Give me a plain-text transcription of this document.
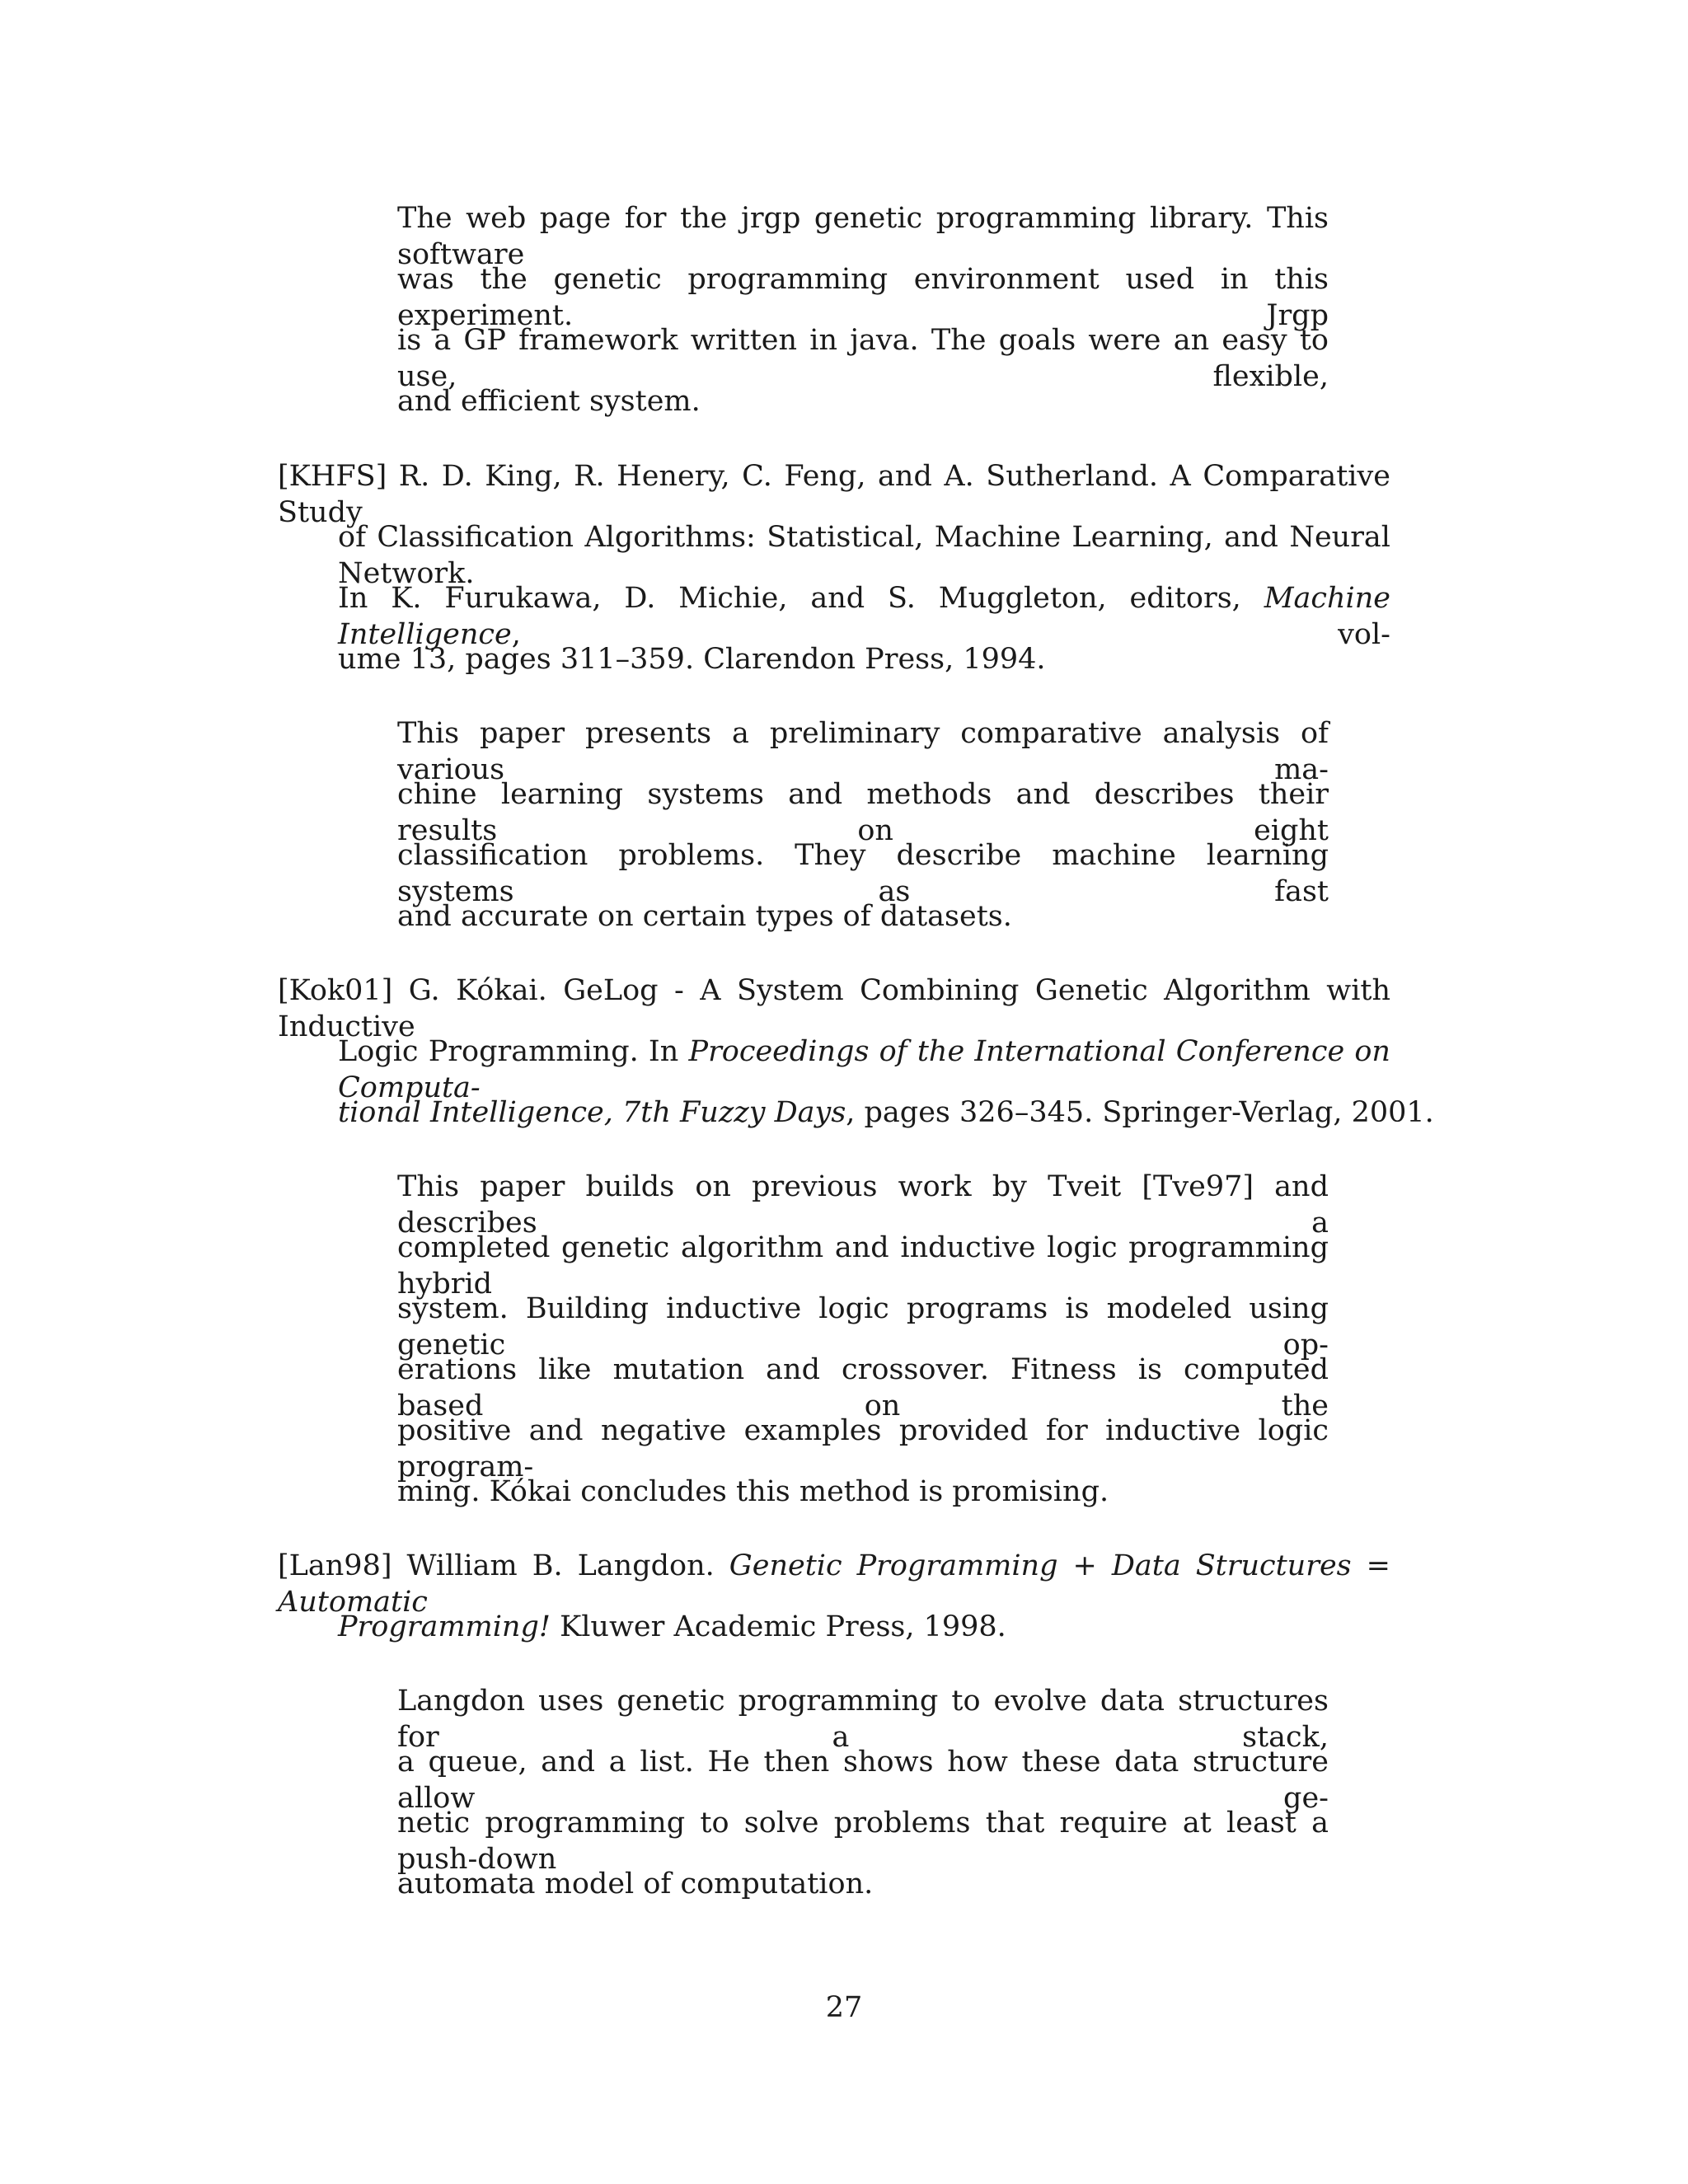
The web page for the jrgp genetic programming library. This software
was the genetic programming environment used in this experiment. Jrgp
is a GP framework written in java. The goals were an easy to use, flexible,
and efficient system.
[KHFS] R. D. King, R. Henery, C. Feng, and A. Sutherland. A Comparative Study
of Classification Algorithms: Statistical, Machine Learning, and Neural Network.
In K. Furukawa, D. Michie, and S. Muggleton, editors, Machine Intelligence, vol-
ume 13, pages 311–359. Clarendon Press, 1994.
This paper presents a preliminary comparative analysis of various ma-
chine learning systems and methods and describes their results on eight
classification problems. They describe machine learning systems as fast
and accurate on certain types of datasets.
[Kok01] G. Kókai. GeLog - A System Combining Genetic Algorithm with Inductive
Logic Programming. In Proceedings of the International Conference on Computa-
tional Intelligence, 7th Fuzzy Days, pages 326–345. Springer-Verlag, 2001.
This paper builds on previous work by Tveit [Tve97] and describes a
completed genetic algorithm and inductive logic programming hybrid
system. Building inductive logic programs is modeled using genetic op-
erations like mutation and crossover. Fitness is computed based on the
positive and negative examples provided for inductive logic program-
ming. Kókai concludes this method is promising.
[Lan98] William B. Langdon. Genetic Programming + Data Structures = Automatic
Programming! Kluwer Academic Press, 1998.
Langdon uses genetic programming to evolve data structures for a stack,
a queue, and a list. He then shows how these data structure allow ge-
netic programming to solve problems that require at least a push-down
automata model of computation.
27
